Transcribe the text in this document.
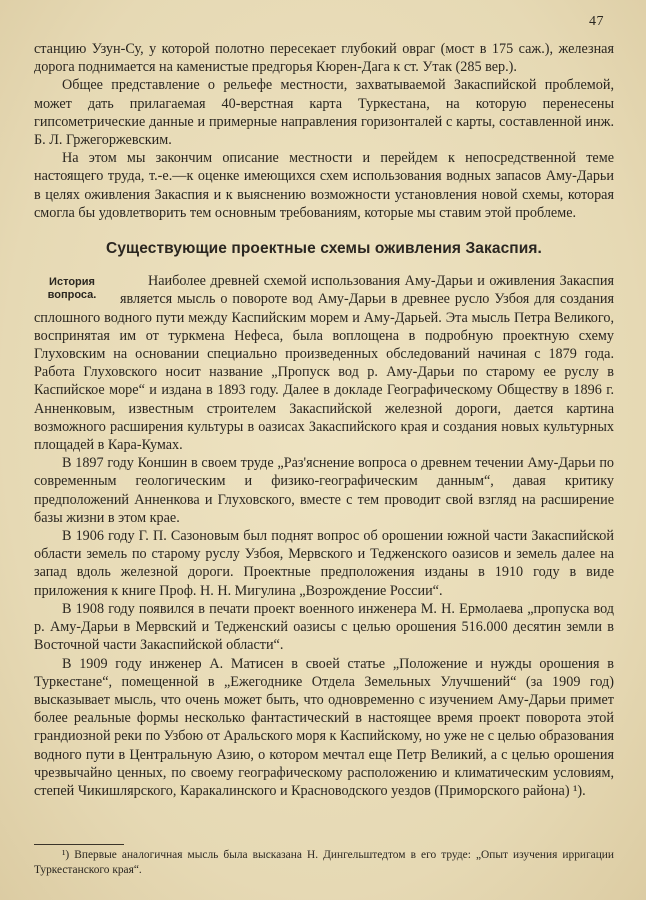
47

станцию Узун-Су, у которой полотно пересекает глубокий овраг (мост в 175 саж.), железная дорога поднимается на каменистые предгорья Кюрен-Дага к ст. Утак (285 вер.).

Общее представление о рельефе местности, захватываемой Закаспийской проблемой, может дать прилагаемая 40-верстная карта Туркестана, на которую перенесены гипсометрические данные и примерные направления горизонталей с карты, составленной инж. Б. Л. Гржегоржевским.

На этом мы закончим описание местности и перейдем к непосредственной теме настоящего труда, т.-е.—к оценке имеющихся схем использования водных запасов Аму-Дарьи в целях оживления Закаспия и к выяснению возможности установления новой схемы, которая смогла бы удовлетворить тем основным требованиям, которые мы ставим этой проблеме.

Существующие проектные схемы оживления Закаспия.
История вопроса.

Наиболее древней схемой использования Аму-Дарьи и оживления Закаспия является мысль о повороте вод Аму-Дарьи в древнее русло Узбоя для создания сплошного водного пути между Каспийским морем и Аму-Дарьей. Эта мысль Петра Великого, воспринятая им от туркмена Нефеса, была воплощена в подробную проектную схему Глуховским на основании специально произведенных обследований начиная с 1879 года. Работа Глуховского носит название „Пропуск вод р. Аму-Дарьи по старому ее руслу в Каспийское море“ и издана в 1893 году. Далее в докладе Географическому Обществу в 1896 г. Анненковым, известным строителем Закаспийской железной дороги, дается картина возможного расширения культуры в оазисах Закаспийского края и создания новых культурных площадей в Кара-Кумах.

В 1897 году Коншин в своем труде „Раз'яснение вопроса о древнем течении Аму-Дарьи по современным геологическим и физико-географическим данным“, давая критику предположений Анненкова и Глуховского, вместе с тем проводит свой взгляд на расширение базы жизни в этом крае.

В 1906 году Г. П. Сазоновым был поднят вопрос об орошении южной части Закаспийской области земель по старому руслу Узбоя, Мервского и Тедженского оазисов и земель далее на запад вдоль железной дороги. Проектные предположения изданы в 1910 году в виде приложения к книге Проф. Н. Н. Мигулина „Возрождение России“.

В 1908 году появился в печати проект военного инженера М. Н. Ермолаева „пропуска вод р. Аму-Дарьи в Мервский и Тедженский оазисы с целью орошения 516.000 десятин земли в Восточной части Закаспийской области“.

В 1909 году инженер А. Матисен в своей статье „Положение и нужды орошения в Туркестане“, помещенной в „Ежегоднике Отдела Земельных Улучшений“ (за 1909 год) высказывает мысль, что очень может быть, что одновременно с изучением Аму-Дарьи примет более реальные формы несколько фантастический в настоящее время проект поворота этой грандиозной реки по Узбою от Аральского моря к Каспийскому, но уже не с целью образования водного пути в Центральную Азию, о котором мечтал еще Петр Великий, а с целью орошения чрезвычайно ценных, по своему географическому расположению и климатическим условиям, степей Чикишлярского, Каракалинского и Красноводского уездов (Приморского района) ¹).

¹) Впервые аналогичная мысль была высказана Н. Дингельштедтом в его труде: „Опыт изучения ирригации Туркестанского края“.
